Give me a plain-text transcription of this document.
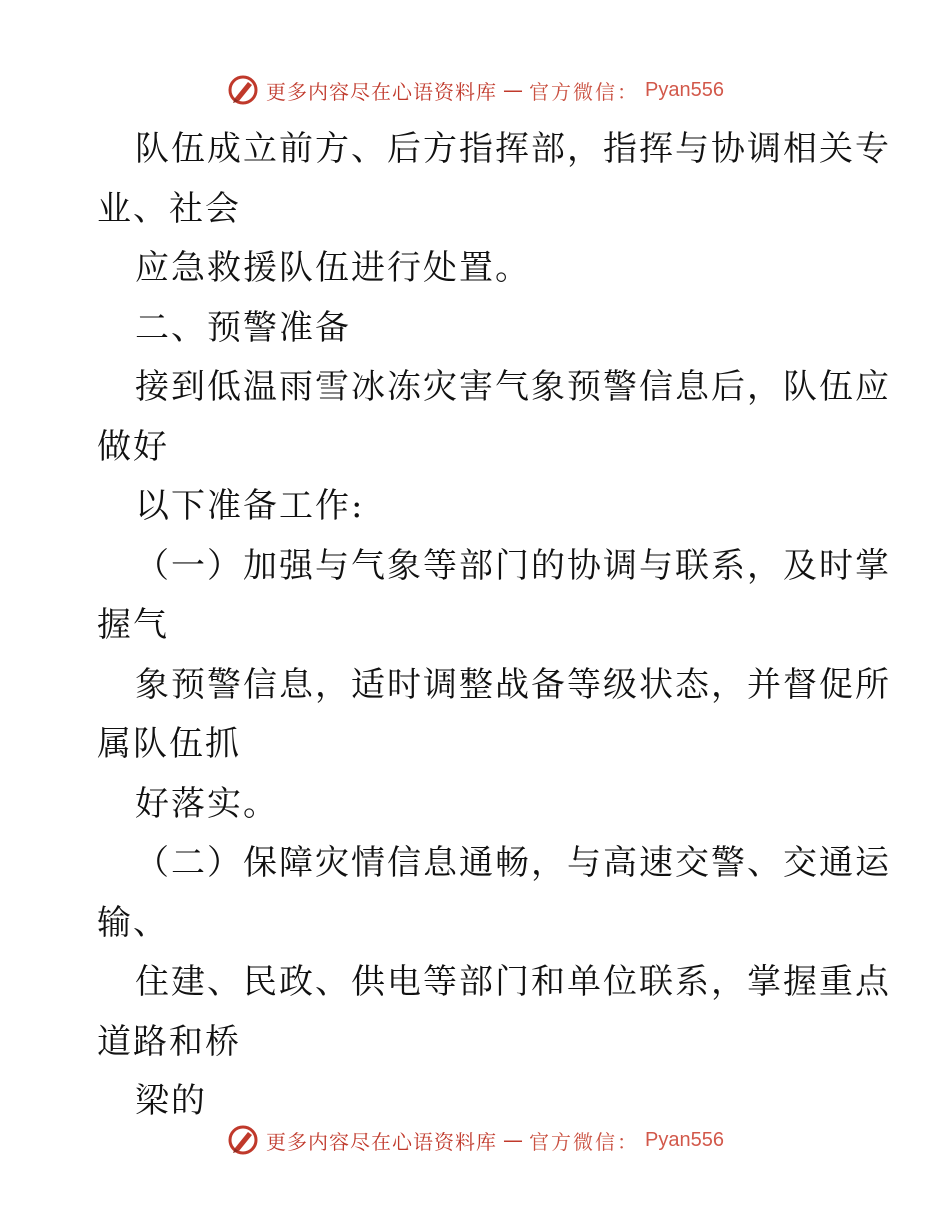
更多内容尽在心语资料库 — 官方微信： Pyan556
队伍成立前方、后方指挥部，指挥与协调相关专
业、社会
应急救援队伍进行处置。
二、预警准备
接到低温雨雪冰冻灾害气象预警信息后，队伍应
做好
以下准备工作:
（一）加强与气象等部门的协调与联系，及时掌
握气
象预警信息，适时调整战备等级状态，并督促所
属队伍抓
好落实。
（二）保障灾情信息通畅，与高速交警、交通运
输、
住建、民政、供电等部门和单位联系，掌握重点
道路和桥
梁的
更多内容尽在心语资料库 — 官方微信： Pyan556
